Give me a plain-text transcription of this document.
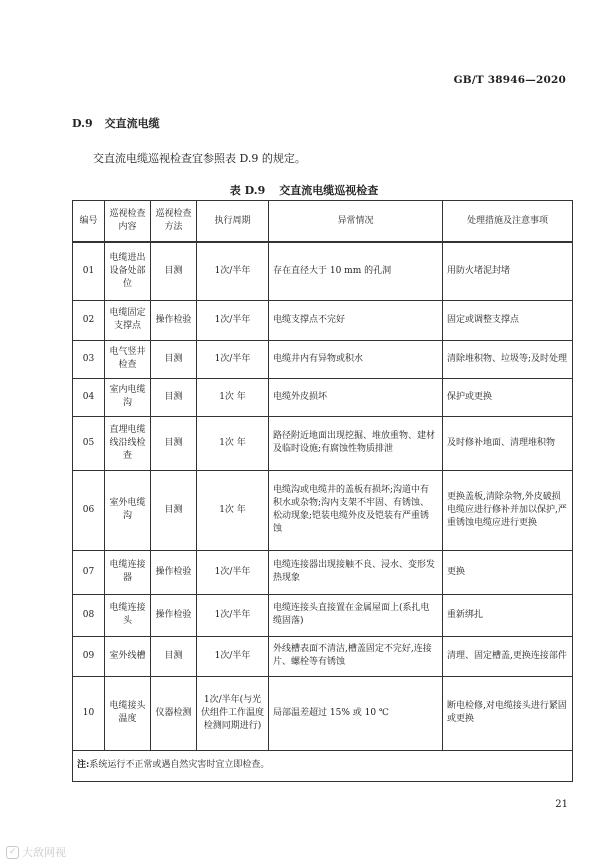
GB/T 38946—2020
D.9 交直流电缆
交直流电缆巡视检查宜参照表 D.9 的规定。
表 D.9 交直流电缆巡视检查
编号	巡视检查内容	巡视检查方法	执行周期	异常情况	处理措施及注意事项
01	电缆进出设备处部位	目测	1次/半年	存在直径大于 10 mm 的孔洞	用防火堵泥封堵
02	电缆固定支撑点	操作检验	1次/半年	电缆支撑点不完好	固定或调整支撑点
03	电气竖井检查	目测	1次/半年	电缆井内有异物或积水	清除堆积物、垃圾等;及时处理
04	室内电缆沟	目测	1次 年	电缆外皮损坏	保护或更换
05	直埋电缆线沿线检查	目测	1次 年	路径附近地面出现挖掘、堆放重物、建材及临时设施;有腐蚀性物质排泄	及时修补地面、清理堆积物
06	室外电缆沟	目测	1次 年	电缆沟或电缆井的盖板有损坏;沟道中有积水或杂物;沟内支架不牢固、有锈蚀、松动现象;铠装电缆外皮及铠装有严重锈蚀	更换盖板,清除杂物,外皮破损电缆应进行修补并加以保护,严重锈蚀电缆应进行更换
07	电缆连接器	操作检验	1次/半年	电缆连接器出现接触不良、浸水、变形发热现象	更换
08	电缆连接头	操作检验	1次/半年	电缆连接头直接置在金属屋面上(系扎电缆固落)	重新绑扎
09	室外线槽	目测	1次/半年	外线槽表面不清洁,槽盖固定不完好,连接片、螺栓等有锈蚀	清理、固定槽盖,更换连接部件
10	电缆接头温度	仪器检测	1次/半年(与光伏组件工作温度检测同期进行)	局部温差超过 15% 或 10 ℃	断电检修,对电缆接头进行紧固或更换
注:系统运行不正常或遇自然灾害时宜立即检查。					
21
✓ 大敌网视
